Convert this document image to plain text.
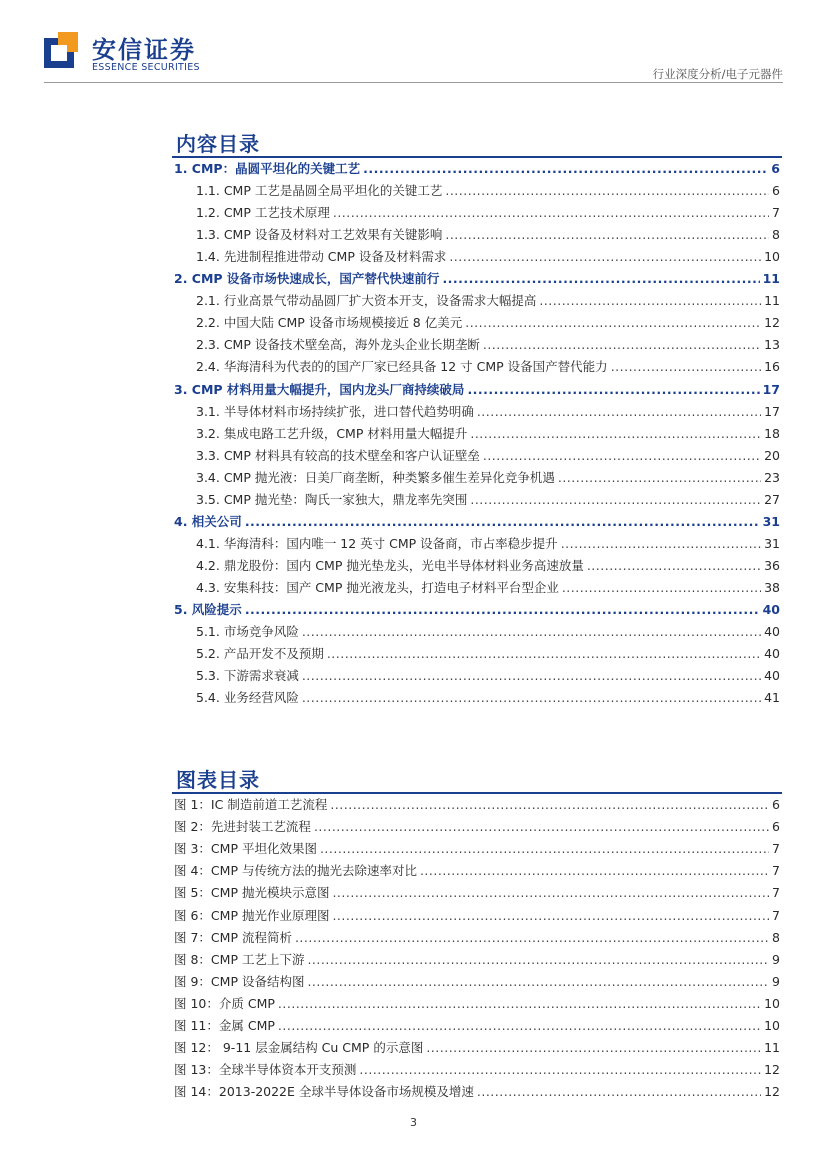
安信证券
ESSENCE SECURITIES	行业深度分析/电子元器件
内容目录
1. CMP：晶圆平坦化的关键工艺 .....	6
1.1. CMP 工艺是晶圆全局平坦化的关键工艺 .....	6
1.2. CMP 工艺技术原理 .....	7
1.3. CMP 设备及材料对工艺效果有关键影响 .....	8
1.4. 先进制程推进带动 CMP 设备及材料需求 .....	10
2. CMP 设备市场快速成长，国产替代快速前行 .....	11
2.1. 行业高景气带动晶圆厂扩大资本开支，设备需求大幅提高 .....	11
2.2. 中国大陆 CMP 设备市场规模接近 8 亿美元 .....	12
2.3. CMP 设备技术壁垒高，海外龙头企业长期垄断 .....	13
2.4. 华海清科为代表的的国产厂家已经具备 12 寸 CMP 设备国产替代能力 .....	16
3. CMP 材料用量大幅提升，国内龙头厂商持续破局 .....	17
3.1. 半导体材料市场持续扩张，进口替代趋势明确 .....	17
3.2. 集成电路工艺升级，CMP 材料用量大幅提升 .....	18
3.3. CMP 材料具有较高的技术壁垒和客户认证壁垒 .....	20
3.4. CMP 抛光液：日美厂商垄断，种类繁多催生差异化竞争机遇 .....	23
3.5. CMP 抛光垫：陶氏一家独大，鼎龙率先突围 .....	27
4. 相关公司 .....	31
4.1. 华海清科：国内唯一 12 英寸 CMP 设备商，市占率稳步提升 .....	31
4.2. 鼎龙股份：国内 CMP 抛光垫龙头，光电半导体材料业务高速放量 .....	36
4.3. 安集科技：国产 CMP 抛光液龙头，打造电子材料平台型企业 .....	38
5. 风险提示 .....	40
5.1. 市场竞争风险 .....	40
5.2. 产品开发不及预期 .....	40
5.3. 下游需求衰减 .....	40
5.4. 业务经营风险 .....	41
图表目录
图 1：IC 制造前道工艺流程 .....	6
图 2：先进封装工艺流程 .....	6
图 3：CMP 平坦化效果图 .....	7
图 4：CMP 与传统方法的抛光去除速率对比 .....	7
图 5：CMP 抛光模块示意图 .....	7
图 6：CMP 抛光作业原理图 .....	7
图 7：CMP 流程简析 .....	8
图 8：CMP 工艺上下游 .....	9
图 9：CMP 设备结构图 .....	9
图 10：介质 CMP .....	10
图 11：金属 CMP .....	10
图 12： 9-11 层金属结构 Cu CMP 的示意图 .....	11
图 13：全球半导体资本开支预测 .....	12
图 14：2013-2022E 全球半导体设备市场规模及增速 .....	12
3
